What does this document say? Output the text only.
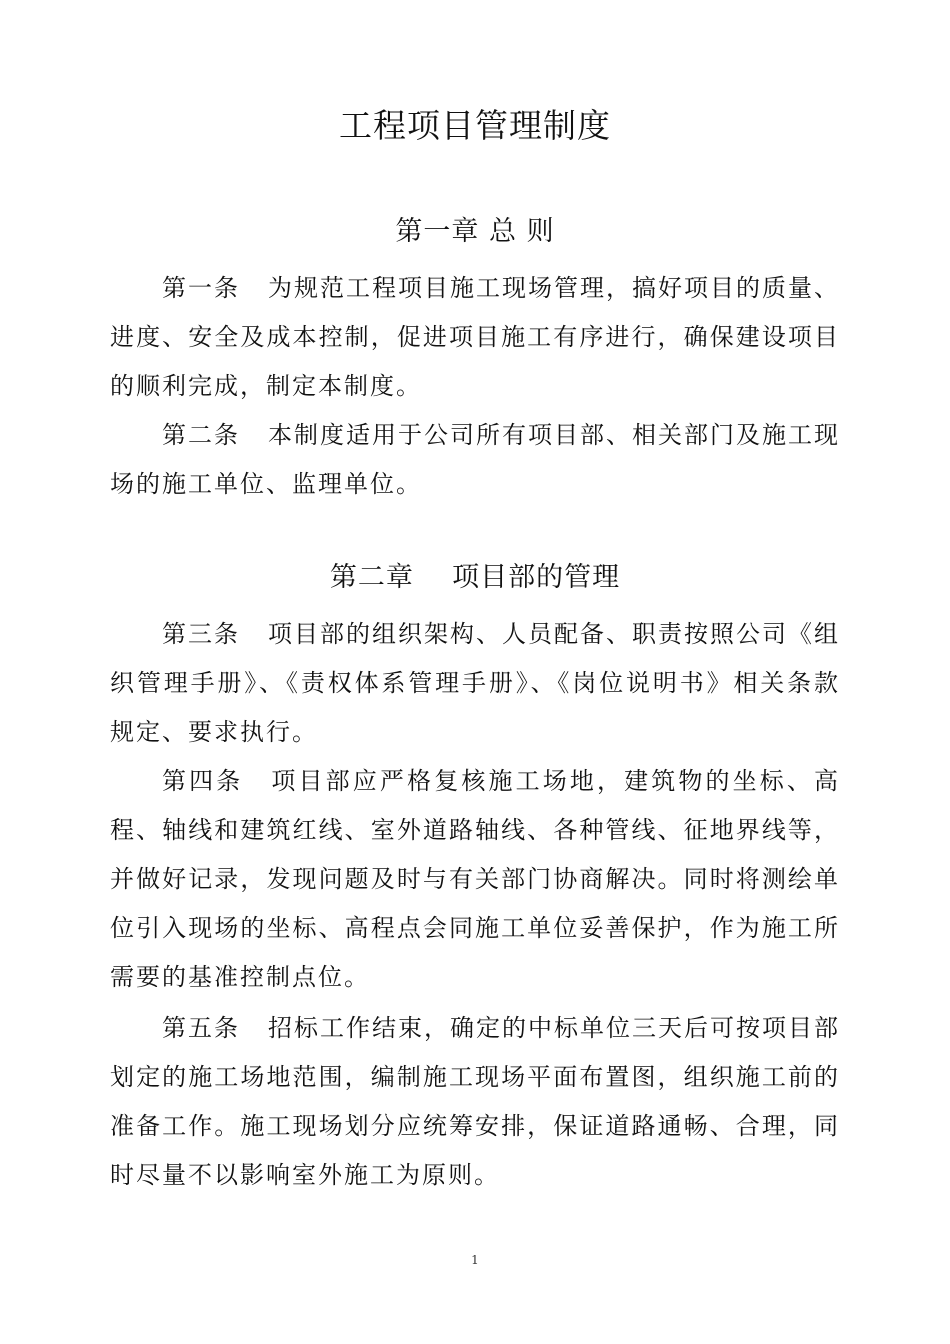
工程项目管理制度
第一章 总 则

第一条 为规范工程项目施工现场管理，搞好项目的质量、进度、安全及成本控制，促进项目施工有序进行，确保建设项目的顺利完成，制定本制度。

第二条 本制度适用于公司所有项目部、相关部门及施工现场的施工单位、监理单位。

第二章    项目部的管理

第三条 项目部的组织架构、人员配备、职责按照公司《组织管理手册》、《责权体系管理手册》、《岗位说明书》相关条款规定、要求执行。

第四条 项目部应严格复核施工场地，建筑物的坐标、高程、轴线和建筑红线、室外道路轴线、各种管线、征地界线等，并做好记录，发现问题及时与有关部门协商解决。同时将测绘单位引入现场的坐标、高程点会同施工单位妥善保护，作为施工所需要的基准控制点位。

第五条 招标工作结束，确定的中标单位三天后可按项目部划定的施工场地范围，编制施工现场平面布置图，组织施工前的准备工作。施工现场划分应统筹安排，保证道路通畅、合理，同时尽量不以影响室外施工为原则。

1
